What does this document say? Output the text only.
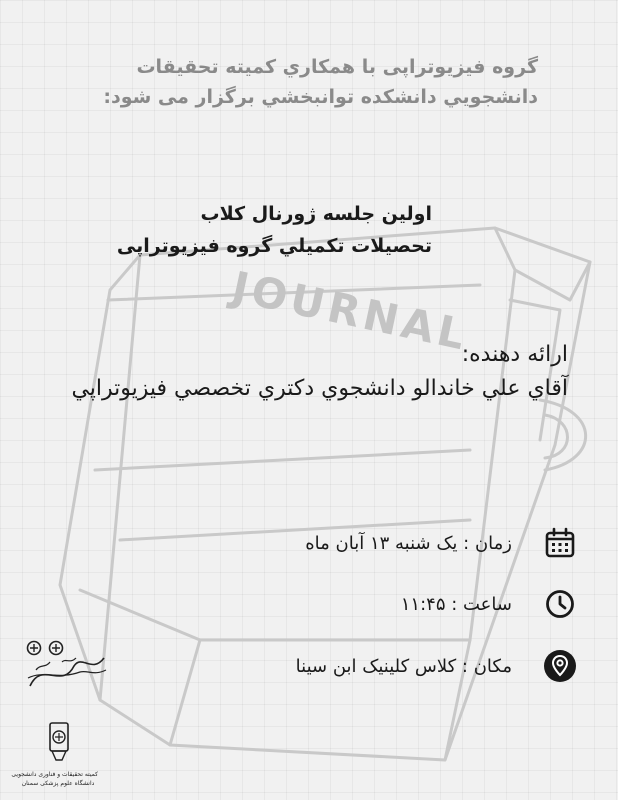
JOURNAL
گروه فيزيوتراپی با همکاري کميته تحقيقات
دانشجويي دانشكده توانبخشي برگزار می شود:
اولین جلسه ژورنال کلاب
تحصيلات تكميلي گروه فيزيوتراپی
ارائه دهنده:
آقاي علي خاندالو دانشجوي دكتري تخصصي فيزيوتراپي
زمان : یک شنبه ۱۳ آبان ماه
ساعت : ۱۱:۴۵
مکان : کلاس کلینیک ابن سینا
کمیته تحقیقات و فناوری دانشجویی
دانشگاه علوم پزشکی سمنان
